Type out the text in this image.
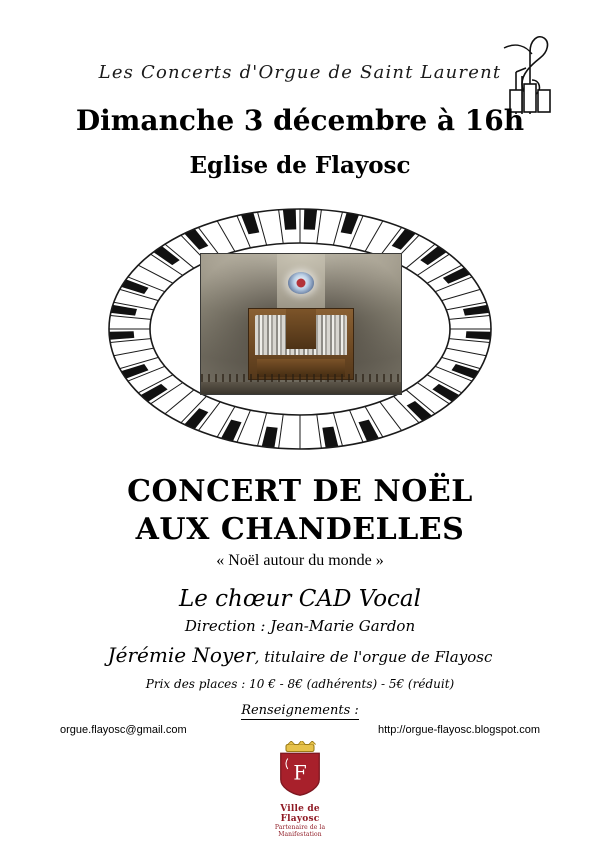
Les Concerts d'Orgue de Saint Laurent
Dimanche 3 décembre à 16h
Eglise de Flayosc
CONCERT DE NOËL
AUX CHANDELLES
« Noël autour du monde »
Le chœur CAD Vocal
Direction : Jean-Marie Gardon
Jérémie Noyer, titulaire de l'orgue de Flayosc
Prix des places : 10 € - 8€ (adhérents) - 5€ (réduit)
Renseignements :
orgue.flayosc@gmail.com	http://orgue-flayosc.blogspot.com
F
Ville de Flayosc
Partenaire de la Manifestation
